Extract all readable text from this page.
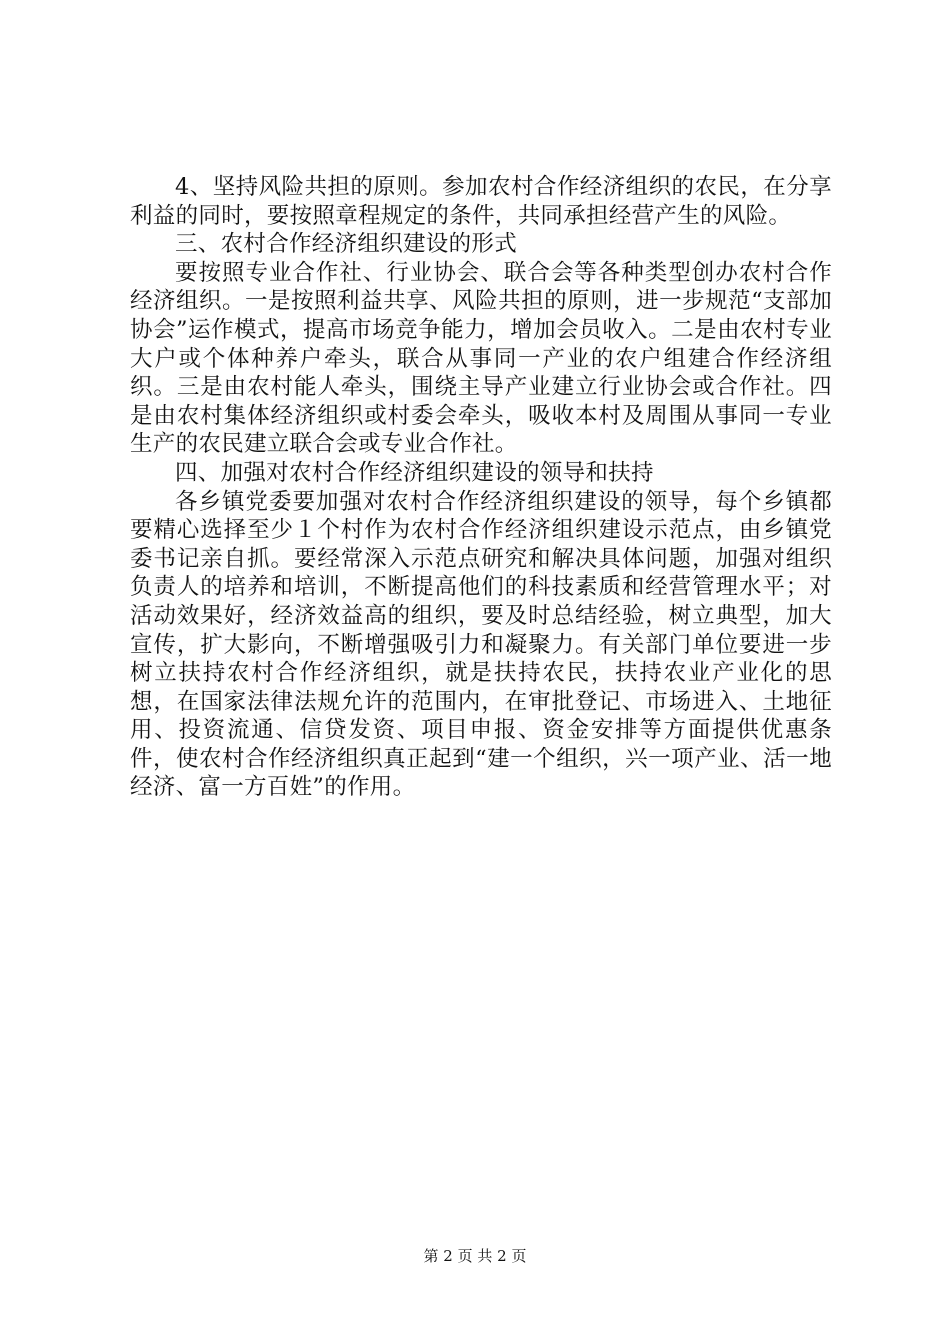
4、坚持风险共担的原则。参加农村合作经济组织的农民，在分享利益的同时，要按照章程规定的条件，共同承担经营产生的风险。

三、农村合作经济组织建设的形式

要按照专业合作社、行业协会、联合会等各种类型创办农村合作经济组织。一是按照利益共享、风险共担的原则，进一步规范“支部加协会”运作模式，提高市场竞争能力，增加会员收入。二是由农村专业大户或个体种养户牵头，联合从事同一产业的农户组建合作经济组织。三是由农村能人牵头，围绕主导产业建立行业协会或合作社。四是由农村集体经济组织或村委会牵头，吸收本村及周围从事同一专业生产的农民建立联合会或专业合作社。

四、加强对农村合作经济组织建设的领导和扶持

各乡镇党委要加强对农村合作经济组织建设的领导，每个乡镇都要精心选择至少１个村作为农村合作经济组织建设示范点，由乡镇党委书记亲自抓。要经常深入示范点研究和解决具体问题，加强对组织负责人的培养和培训，不断提高他们的科技素质和经营管理水平；对活动效果好，经济效益高的组织，要及时总结经验，树立典型，加大宣传，扩大影向，不断增强吸引力和凝聚力。有关部门单位要进一步树立扶持农村合作经济组织，就是扶持农民，扶持农业产业化的思想，在国家法律法规允许的范围内，在审批登记、市场进入、土地征用、投资流通、信贷发资、项目申报、资金安排等方面提供优惠条件，使农村合作经济组织真正起到“建一个组织，兴一项产业、活一地经济、富一方百姓”的作用。

第 2 页 共 2 页
